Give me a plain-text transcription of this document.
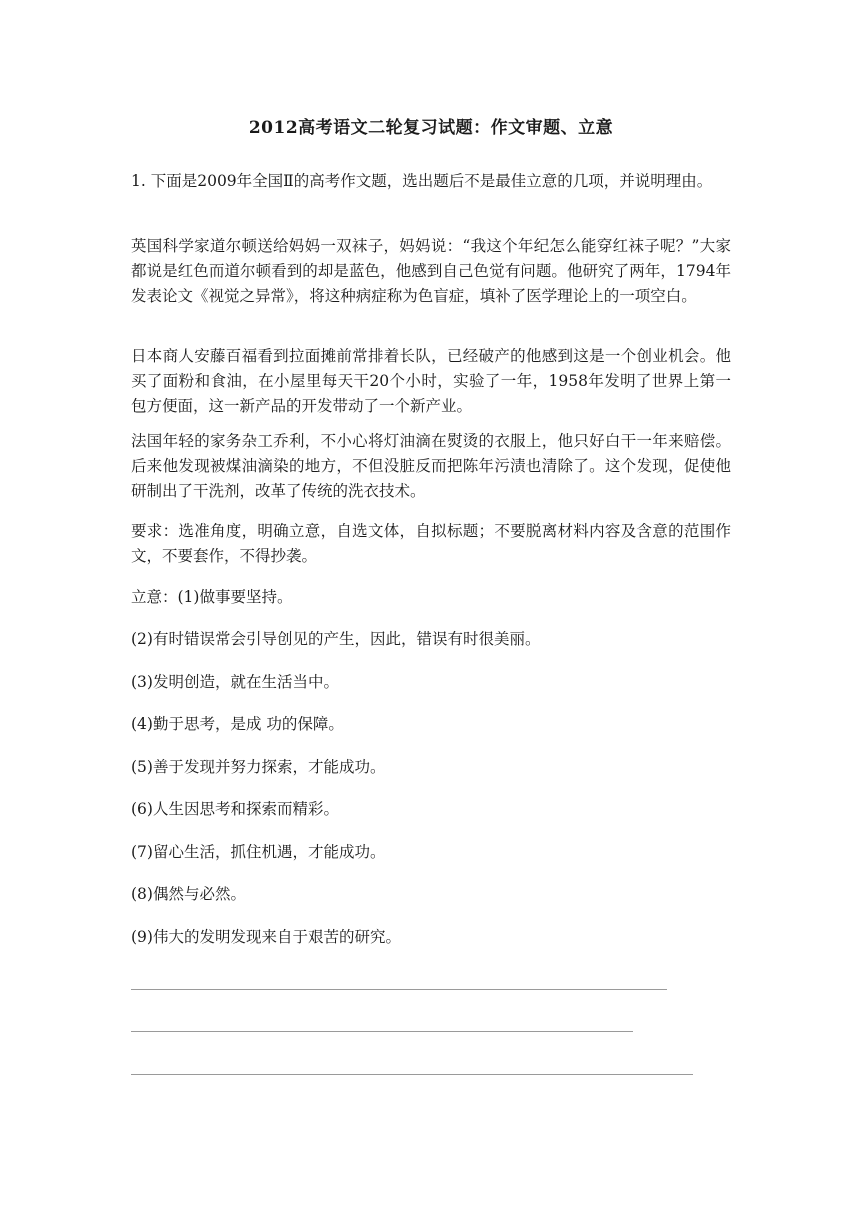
2012高考语文二轮复习试题：作文审题、立意

1. 下面是2009年全国Ⅱ的高考作文题，选出题后不是最佳立意的几项，并说明理由。

英国科学家道尔顿送给妈妈一双袜子，妈妈说：“我这个年纪怎么能穿红袜子呢？”大家都说是红色而道尔顿看到的却是蓝色，他感到自己色觉有问题。他研究了两年，1794年发表论文《视觉之异常》，将这种病症称为色盲症，填补了医学理论上的一项空白。

日本商人安藤百福看到拉面摊前常排着长队，已经破产的他感到这是一个创业机会。他买了面粉和食油，在小屋里每天干20个小时，实验了一年，1958年发明了世界上第一包方便面，这一新产品的开发带动了一个新产业。

法国年轻的家务杂工乔利，不小心将灯油滴在熨烫的衣服上，他只好白干一年来赔偿。后来他发现被煤油滴染的地方，不但没脏反而把陈年污渍也清除了。这个发现，促使他研制出了干洗剂，改革了传统的洗衣技术。

要求：选准角度，明确立意，自选文体，自拟标题；不要脱离材料内容及含意的范围作文，不要套作，不得抄袭。

立意：(1)做事要坚持。

(2)有时错误常会引导创见的产生，因此，错误有时很美丽。

(3)发明创造，就在生活当中。

(4)勤于思考，是成 功的保障。

(5)善于发现并努力探索，才能成功。

(6)人生因思考和探索而精彩。

(7)留心生活，抓住机遇，才能成功。

(8)偶然与必然。

(9)伟大的发明发现来自于艰苦的研究。
